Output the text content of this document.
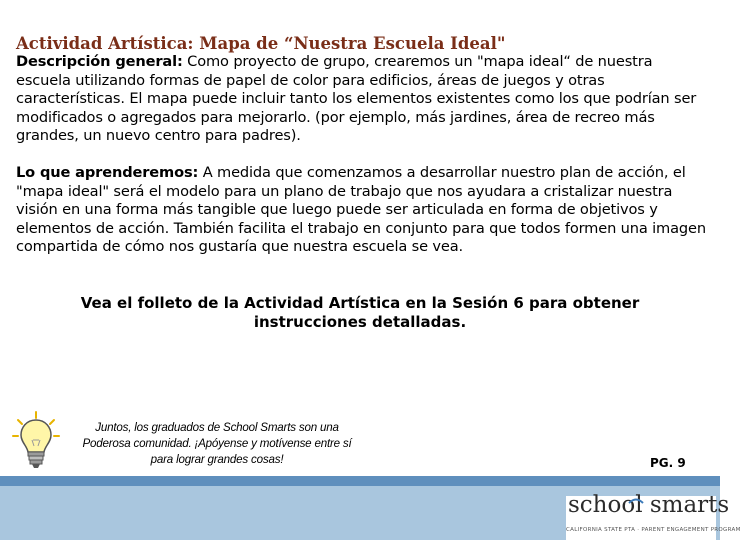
Actividad Artística: Mapa de “Nuestra Escuela Ideal"

Descripción general: Como proyecto de grupo, crearemos un "mapa ideal“ de nuestra escuela utilizando formas de papel de color para edificios, áreas de juegos y otras características. El mapa puede incluir tanto los elementos existentes como los que podrían ser modificados o agregados para mejorarlo. (por ejemplo, más jardines, área de recreo más grandes, un nuevo centro para padres).

Lo que aprenderemos: A medida que comenzamos a desarrollar nuestro plan de acción, el "mapa ideal" será el modelo para un plano de trabajo que nos ayudara a cristalizar nuestra visión en una forma más tangible que luego puede ser articulada en forma de objetivos y elementos de acción. También facilita el trabajo en conjunto para que todos formen una imagen compartida de cómo nos gustaría que nuestra escuela se vea.

Vea el folleto de la Actividad Artística en la Sesión 6 para obtener instrucciones detalladas.

Juntos, los graduados de School Smarts son una Poderosa comunidad. ¡Apóyense y motívense entre sí para lograr grandes cosas!	PG. 9
school smarts
CALIFORNIA STATE PTA · PARENT ENGAGEMENT PROGRAM
